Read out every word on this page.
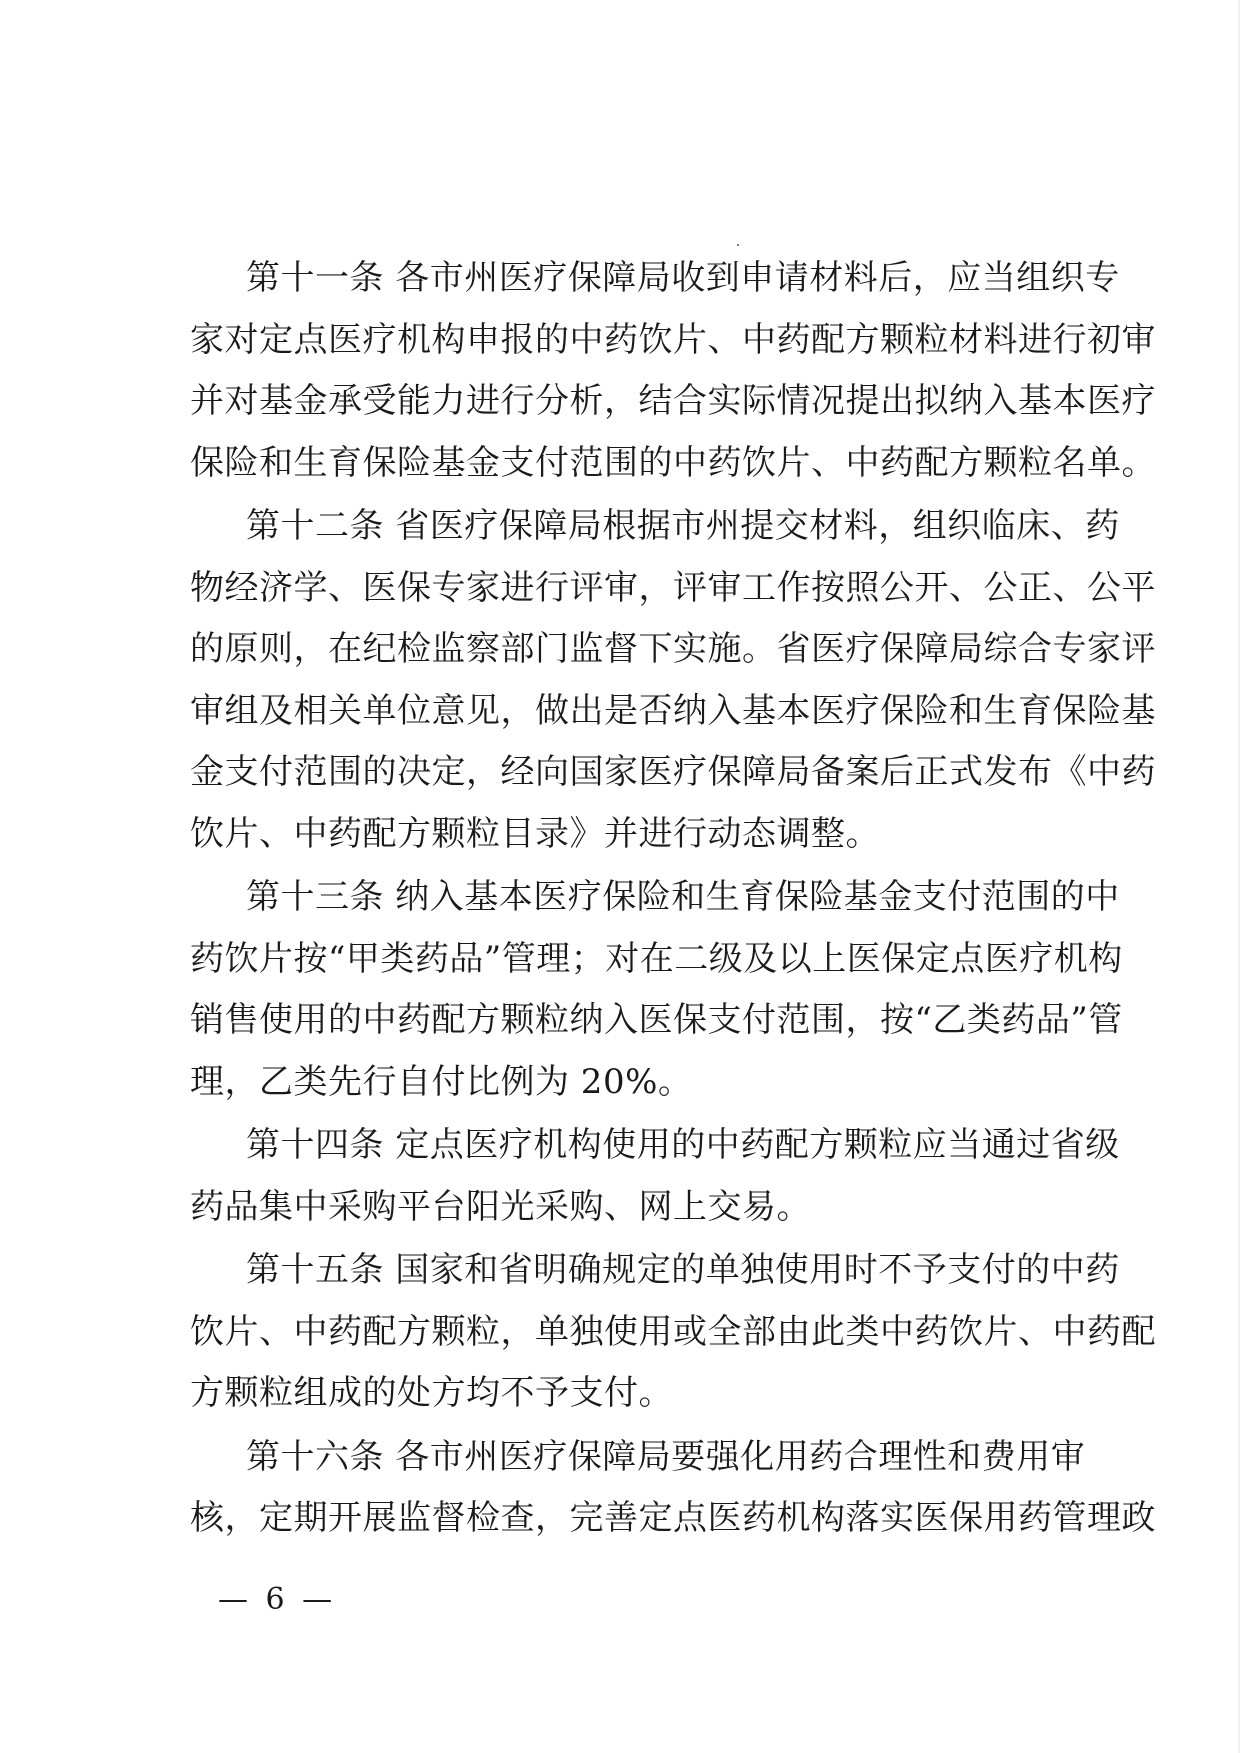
第十一条 各市州医疗保障局收到申请材料后，应当组织专
家对定点医疗机构申报的中药饮片、中药配方颗粒材料进行初审
并对基金承受能力进行分析，结合实际情况提出拟纳入基本医疗
保险和生育保险基金支付范围的中药饮片、中药配方颗粒名单。

第十二条 省医疗保障局根据市州提交材料，组织临床、药
物经济学、医保专家进行评审，评审工作按照公开、公正、公平
的原则，在纪检监察部门监督下实施。省医疗保障局综合专家评
审组及相关单位意见，做出是否纳入基本医疗保险和生育保险基
金支付范围的决定，经向国家医疗保障局备案后正式发布《中药
饮片、中药配方颗粒目录》并进行动态调整。

第十三条 纳入基本医疗保险和生育保险基金支付范围的中
药饮片按“甲类药品”管理；对在二级及以上医保定点医疗机构
销售使用的中药配方颗粒纳入医保支付范围，按“乙类药品”管
理，乙类先行自付比例为 20%。

第十四条 定点医疗机构使用的中药配方颗粒应当通过省级
药品集中采购平台阳光采购、网上交易。

第十五条 国家和省明确规定的单独使用时不予支付的中药
饮片、中药配方颗粒，单独使用或全部由此类中药饮片、中药配
方颗粒组成的处方均不予支付。

第十六条 各市州医疗保障局要强化用药合理性和费用审
核，定期开展监督检查，完善定点医药机构落实医保用药管理政

— 6 —
